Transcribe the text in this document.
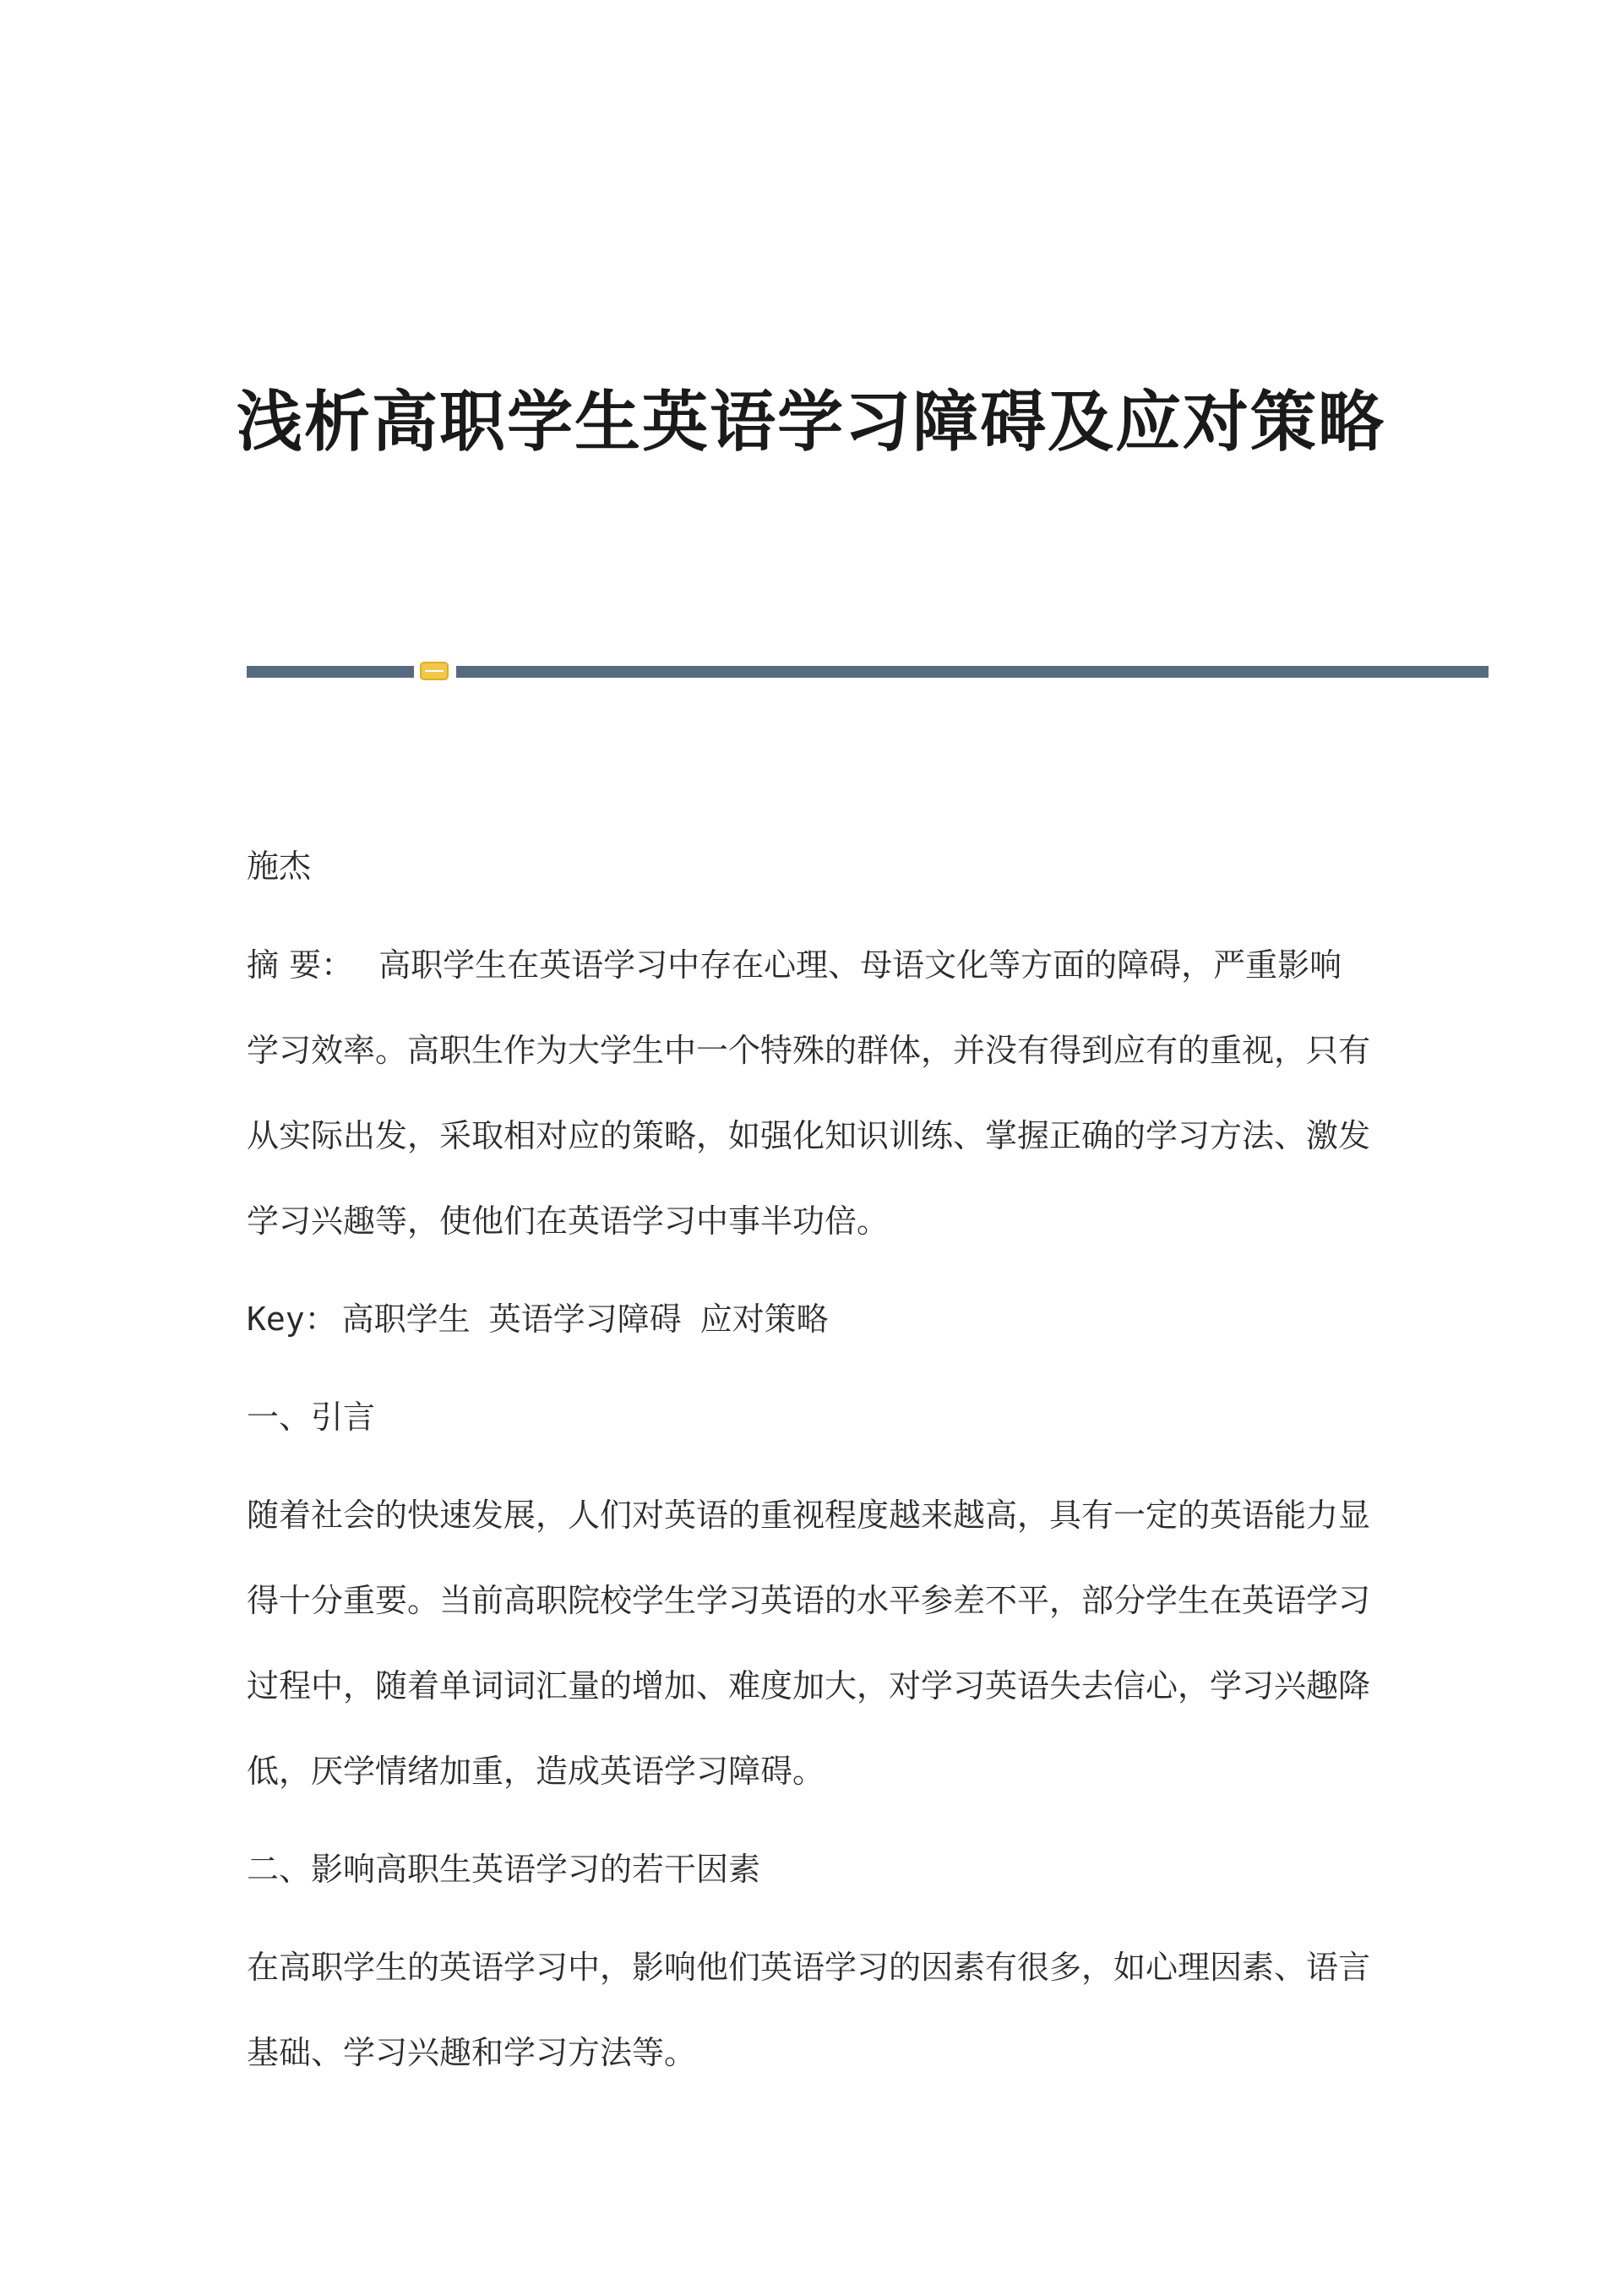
浅析高职学生英语学习障碍及应对策略

施杰

摘 要： 高职学生在英语学习中存在心理、母语文化等方面的障碍，严重影响学习效率。高职生作为大学生中一个特殊的群体，并没有得到应有的重视，只有从实际出发，采取相对应的策略，如强化知识训练、掌握正确的学习方法、激发学习兴趣等，使他们在英语学习中事半功倍。

Key： 高职学生 英语学习障碍 应对策略

一、引言

随着社会的快速发展，人们对英语的重视程度越来越高，具有一定的英语能力显得十分重要。当前高职院校学生学习英语的水平参差不平，部分学生在英语学习过程中，随着单词词汇量的增加、难度加大，对学习英语失去信心，学习兴趣降低，厌学情绪加重，造成英语学习障碍。

二、影响高职生英语学习的若干因素

在高职学生的英语学习中，影响他们英语学习的因素有很多，如心理因素、语言基础、学习兴趣和学习方法等。
